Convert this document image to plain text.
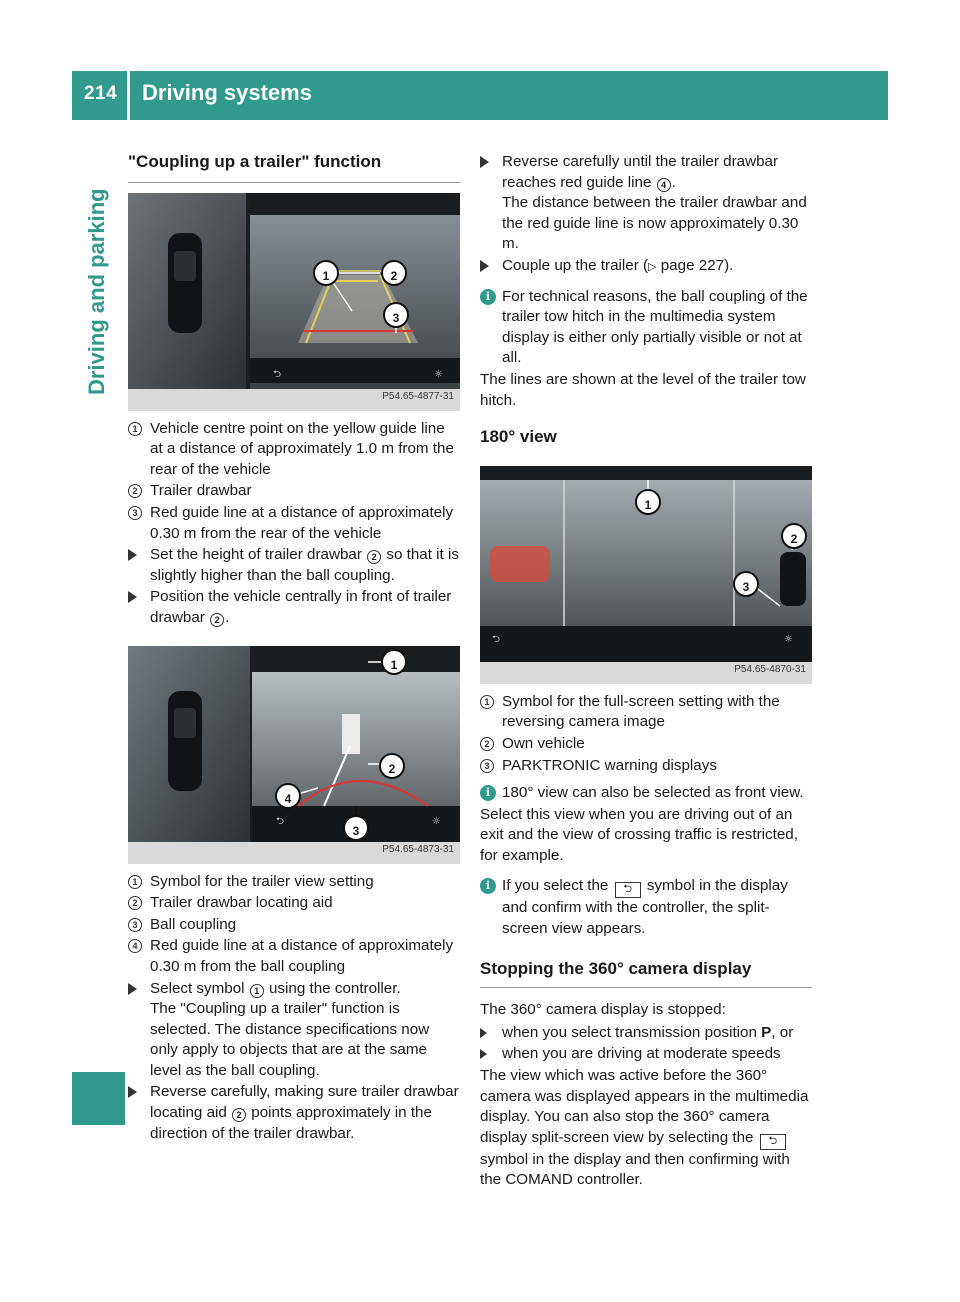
214	Driving systems
Driving and parking
"Coupling up a trailer" function
⮌	☼
1	2
3
P54.65-4877-31
1 Vehicle centre point on the yellow guide line at a distance of approximately 1.0 m from the rear of the vehicle
2 Trailer drawbar
3 Red guide line at a distance of approximately 0.30 m from the rear of the vehicle
Set the height of trailer drawbar 2 so that it is slightly higher than the ball coupling.
Position the vehicle centrally in front of trailer drawbar 2 .
⮌	☼
1
2
3
4
P54.65-4873-31
1 Symbol for the trailer view setting
2 Trailer drawbar locating aid
3 Ball coupling
4 Red guide line at a distance of approximately 0.30 m from the ball coupling
Select symbol 1 using the controller.
The "Coupling up a trailer" function is selected. The distance specifications now only apply to objects that are at the same level as the ball coupling.
Reverse carefully, making sure trailer drawbar locating aid 2 points approximately in the direction of the trailer drawbar.
Reverse carefully until the trailer drawbar reaches red guide line 4 .
The distance between the trailer drawbar and the red guide line is now approximately 0.30 m.
Couple up the trailer (▷ page 227).
i For technical reasons, the ball coupling of the trailer tow hitch in the multimedia system display is either only partially visible or not at all.
The lines are shown at the level of the trailer tow hitch.
180° view
⮌	☼
1
2
3
P54.65-4870-31
1 Symbol for the full-screen setting with the reversing camera image
2 Own vehicle
3 PARKTRONIC warning displays
i 180° view can also be selected as front view.
Select this view when you are driving out of an exit and the view of crossing traffic is restricted, for example.
i If you select the ⮌ symbol in the display and confirm with the controller, the split-screen view appears.
Stopping the 360° camera display
The 360° camera display is stopped:
when you select transmission position P, or
when you are driving at moderate speeds
The view which was active before the 360° camera was displayed appears in the multimedia display. You can also stop the 360° camera display split-screen view by selecting the ⮌ symbol in the display and then confirming with the COMAND controller.
